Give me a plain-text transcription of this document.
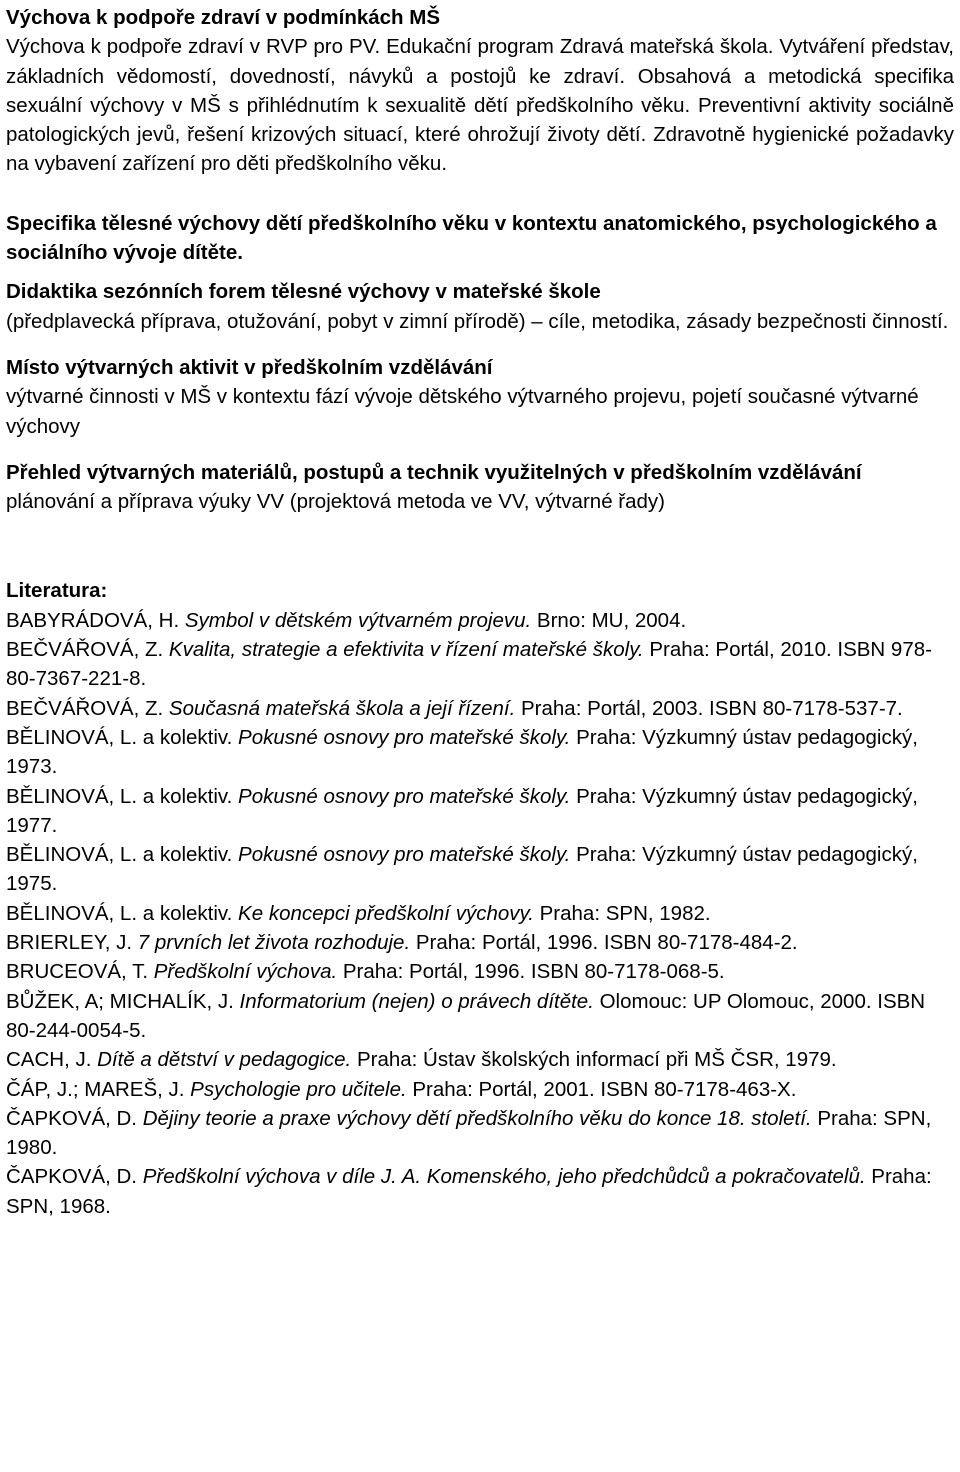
Výchova k podpoře zdraví v podmínkách MŠ

Výchova k podpoře zdraví v RVP pro PV. Edukační program Zdravá mateřská škola. Vytváření představ, základních vědomostí, dovedností, návyků a postojů ke zdraví. Obsahová a metodická specifika sexuální výchovy v MŠ s přihlédnutím k sexualitě dětí předškolního věku. Preventivní aktivity sociálně patologických jevů, řešení krizových situací, které ohrožují životy dětí. Zdravotně hygienické požadavky na vybavení zařízení pro děti předškolního věku.

Specifika tělesné výchovy dětí předškolního věku v kontextu anatomického, psychologického a sociálního vývoje dítěte.
Didaktika sezónních forem tělesné výchovy v mateřské škole

(předplavecká příprava, otužování, pobyt v zimní přírodě) – cíle, metodika, zásady bezpečnosti činností.

Místo výtvarných aktivit v předškolním vzdělávání

výtvarné činnosti v MŠ v kontextu fází vývoje dětského výtvarného projevu, pojetí současné výtvarné výchovy

Přehled výtvarných materiálů, postupů a technik využitelných v předškolním vzdělávání

plánování a příprava výuky VV (projektová metoda ve VV, výtvarné řady)

Literatura:

BABYRÁDOVÁ, H. Symbol v dětském výtvarném projevu. Brno: MU, 2004.

BEČVÁŘOVÁ, Z. Kvalita, strategie a efektivita v řízení mateřské školy. Praha: Portál, 2010. ISBN 978-80-7367-221-8.

BEČVÁŘOVÁ, Z. Současná mateřská škola a její řízení. Praha: Portál, 2003. ISBN 80-7178-537-7.

BĚLINOVÁ, L. a kolektiv. Pokusné osnovy pro mateřské školy. Praha: Výzkumný ústav pedagogický, 1973.

BĚLINOVÁ, L. a kolektiv. Pokusné osnovy pro mateřské školy. Praha: Výzkumný ústav pedagogický, 1977.

BĚLINOVÁ, L. a kolektiv. Pokusné osnovy pro mateřské školy. Praha: Výzkumný ústav pedagogický, 1975.

BĚLINOVÁ, L. a kolektiv. Ke koncepci předškolní výchovy. Praha: SPN, 1982.

BRIERLEY, J. 7 prvních let života rozhoduje. Praha: Portál, 1996. ISBN 80-7178-484-2.

BRUCEOVÁ, T. Předškolní výchova. Praha: Portál, 1996. ISBN 80-7178-068-5.

BŮŽEK, A; MICHALÍK, J. Informatorium (nejen) o právech dítěte. Olomouc: UP Olomouc, 2000. ISBN 80-244-0054-5.

CACH, J. Dítě a dětství v pedagogice. Praha: Ústav školských informací při MŠ ČSR, 1979.

ČÁP, J.; MAREŠ, J. Psychologie pro učitele. Praha: Portál, 2001. ISBN 80-7178-463-X.

ČAPKOVÁ, D. Dějiny teorie a praxe výchovy dětí předškolního věku do konce 18. století. Praha: SPN, 1980.

ČAPKOVÁ, D. Předškolní výchova v díle J. A. Komenského, jeho předchůdců a pokračovatelů. Praha: SPN, 1968.
